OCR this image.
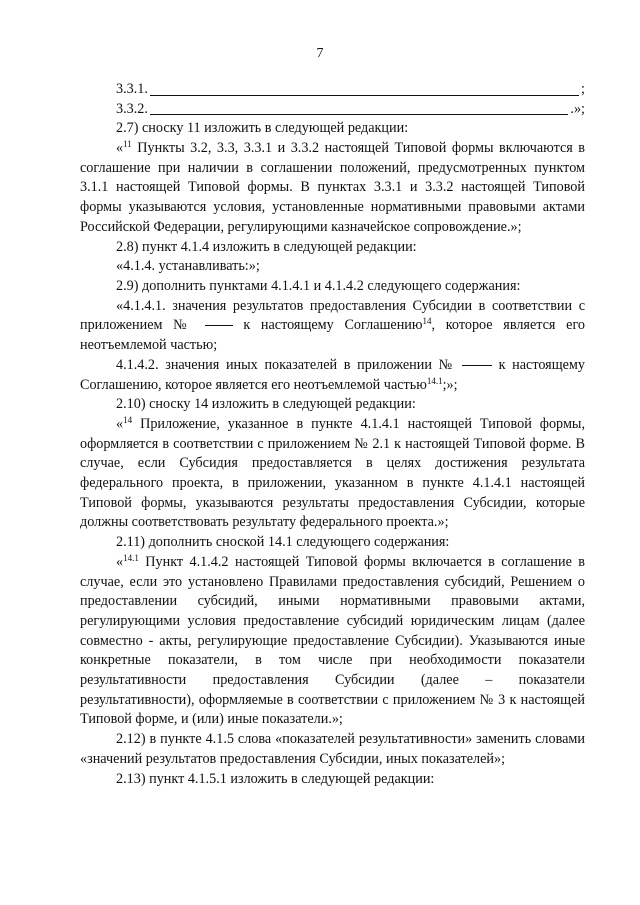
7
3.3.1.	;
3.3.2.	.»;

2.7) сноску 11 изложить в следующей редакции:

«$^{11}$ Пункты 3.2, 3.3, 3.3.1 и 3.3.2 настоящей Типовой формы включаются в соглашение при наличии в соглашении положений, предусмотренных пунктом 3.1.1 настоящей Типовой формы. В пунктах 3.3.1 и 3.3.2 настоящей Типовой формы указываются условия, установленные нормативными правовыми актами Российской Федерации, регулирующими казначейское сопровождение.»;

2.8) пункт 4.1.4 изложить в следующей редакции:

«4.1.4. устанавливать:»;

2.9) дополнить пунктами 4.1.4.1 и 4.1.4.2 следующего содержания:

«4.1.4.1. значения результатов предоставления Субсидии в соответствии с приложением №	к настоящему Соглашению$^{14}$, которое является его неотъемлемой частью;

4.1.4.2. значения иных показателей в приложении №	к настоящему Соглашению, которое является его неотъемлемой частью$^{14.1}$;»;

2.10) сноску 14 изложить в следующей редакции:

«$^{14}$ Приложение, указанное в пункте 4.1.4.1 настоящей Типовой формы, оформляется в соответствии с приложением № 2.1 к настоящей Типовой форме. В случае, если Субсидия предоставляется в целях достижения результата федерального проекта, в приложении, указанном в пункте 4.1.4.1 настоящей Типовой формы, указываются результаты предоставления Субсидии, которые должны соответствовать результату федерального проекта.»;

2.11) дополнить сноской 14.1 следующего содержания:

«$^{14.1}$ Пункт 4.1.4.2 настоящей Типовой формы включается в соглашение в случае, если это установлено Правилами предоставления субсидий, Решением о предоставлении субсидий, иными нормативными правовыми актами, регулирующими условия предоставление субсидий юридическим лицам (далее совместно - акты, регулирующие предоставление Субсидии). Указываются иные конкретные показатели, в том числе при необходимости показатели результативности предоставления Субсидии (далее – показатели результативности), оформляемые в соответствии с приложением № 3 к настоящей Типовой форме, и (или) иные показатели.»;

2.12) в пункте 4.1.5 слова «показателей результативности» заменить словами «значений результатов предоставления Субсидии, иных показателей»;

2.13) пункт 4.1.5.1 изложить в следующей редакции:
